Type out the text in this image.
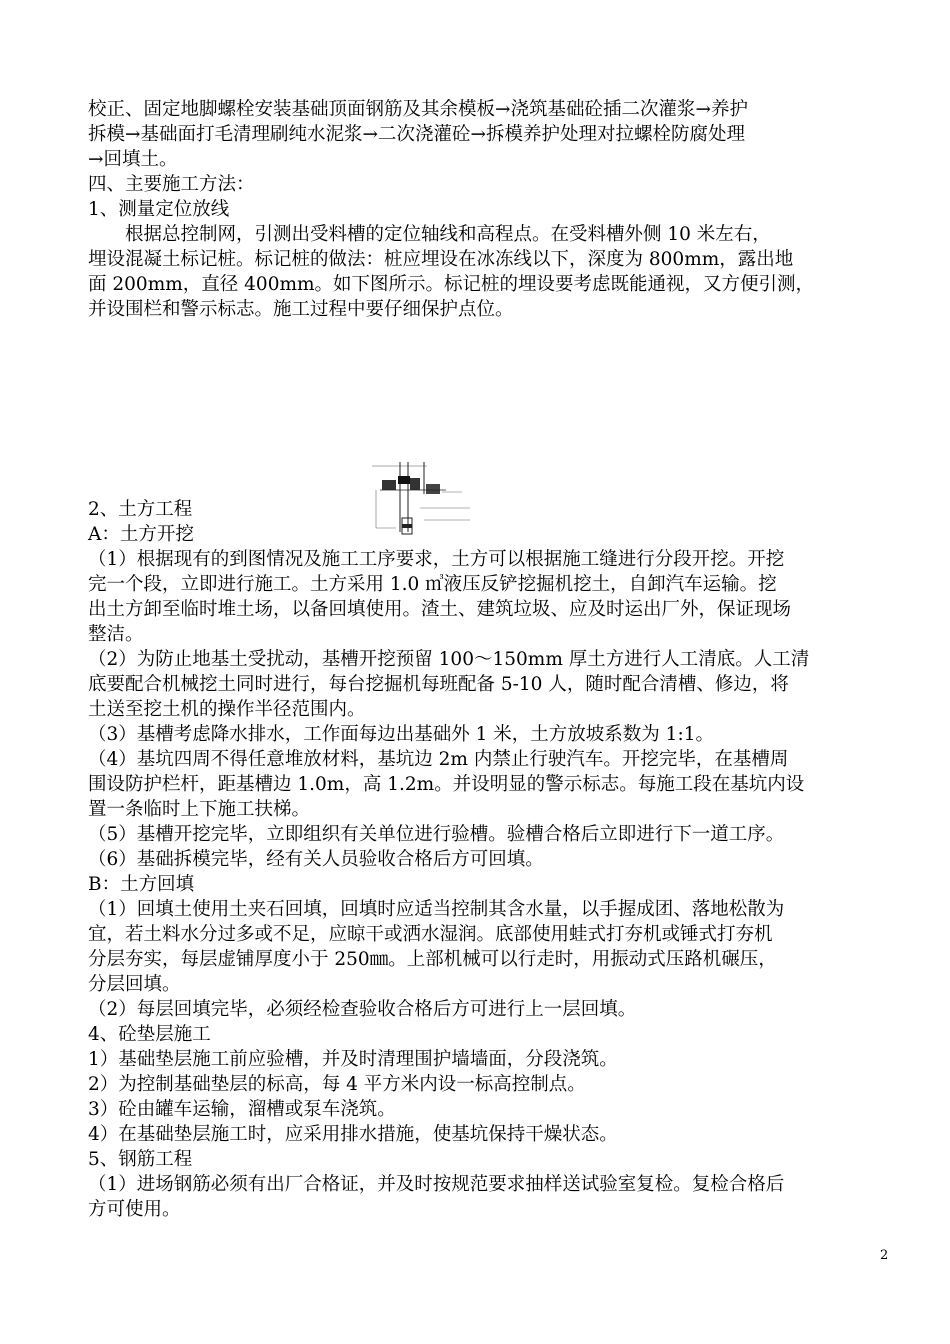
校正、固定地脚螺栓安装基础顶面钢筋及其余模板→浇筑基础砼插二次灌浆→养护
拆模→基础面打毛清理刷纯水泥浆→二次浇灌砼→拆模养护处理对拉螺栓防腐处理
→回填土。
四、主要施工方法：
1、测量定位放线
根据总控制网，引测出受料槽的定位轴线和高程点。在受料槽外侧 10 米左右，
埋设混凝土标记桩。标记桩的做法：桩应埋设在冰冻线以下，深度为 800mm，露出地
面 200mm，直径 400mm。如下图所示。标记桩的埋设要考虑既能通视，又方便引测，
并设围栏和警示标志。施工过程中要仔细保护点位。
2、土方工程
A：土方开挖
（1）根据现有的到图情况及施工工序要求，土方可以根据施工缝进行分段开挖。开挖
完一个段，立即进行施工。土方采用 1.0 ㎥液压反铲挖掘机挖土，自卸汽车运输。挖
出土方卸至临时堆土场，以备回填使用。渣土、建筑垃圾、应及时运出厂外，保证现场
整洁。
（2）为防止地基土受扰动，基槽开挖预留 100～150mm 厚土方进行人工清底。人工清
底要配合机械挖土同时进行，每台挖掘机每班配备 5-10 人，随时配合清槽、修边，将
土送至挖土机的操作半径范围内。
（3）基槽考虑降水排水，工作面每边出基础外 1 米，土方放坡系数为 1:1。
（4）基坑四周不得任意堆放材料，基坑边 2m 内禁止行驶汽车。开挖完毕，在基槽周
围设防护栏杆，距基槽边 1.0m，高 1.2m。并设明显的警示标志。每施工段在基坑内设
置一条临时上下施工扶梯。
（5）基槽开挖完毕，立即组织有关单位进行验槽。验槽合格后立即进行下一道工序。
（6）基础拆模完毕，经有关人员验收合格后方可回填。
B：土方回填
（1）回填土使用土夹石回填，回填时应适当控制其含水量，以手握成团、落地松散为
宜，若土料水分过多或不足，应晾干或洒水湿润。底部使用蛙式打夯机或锤式打夯机
分层夯实，每层虚铺厚度小于 250㎜。上部机械可以行走时，用振动式压路机碾压，
分层回填。
（2）每层回填完毕，必须经检查验收合格后方可进行上一层回填。
4、砼垫层施工
1）基础垫层施工前应验槽，并及时清理围护墙墙面，分段浇筑。
2）为控制基础垫层的标高，每 4 平方米内设一标高控制点。
3）砼由罐车运输，溜槽或泵车浇筑。
4）在基础垫层施工时，应采用排水措施，使基坑保持干燥状态。
5、钢筋工程
（1）进场钢筋必须有出厂合格证，并及时按规范要求抽样送试验室复检。复检合格后
方可使用。
2
